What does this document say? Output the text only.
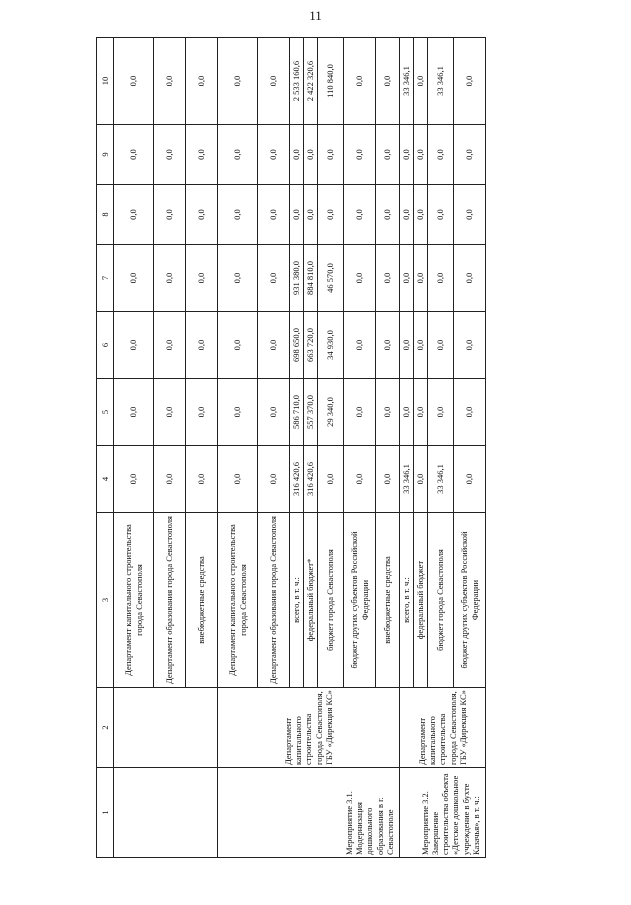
11
1	2	3	4	5	6	7	8	9	10
		Департамент капитального строительства города Севастополя	0,0	0,0	0,0	0,0	0,0	0,0	0,0
		Департамент образования города Севастополя	0,0	0,0	0,0	0,0	0,0	0,0	0,0
		внебюджетные средства	0,0	0,0	0,0	0,0	0,0	0,0	0,0
Мероприятие 3.1. Модернизация дошкольного образования в г. Севастополе	Департамент капитального строительства города Севастополя, ГБУ «Дирекция КС»	Департамент капитального строительства города Севастополя	0,0	0,0	0,0	0,0	0,0	0,0	0,0
		Департамент образования города Севастополя	0,0	0,0	0,0	0,0	0,0	0,0	0,0
		всего, в т. ч.:	316 420,6	586 710,0	698 650,0	931 380,0	0,0	0,0	2 533 160,6
		федеральный бюджет*	316 420,6	557 370,0	663 720,0	884 810,0	0,0	0,0	2 422 320,6
		бюджет города Севастополя	0,0	29 340,0	34 930,0	46 570,0	0,0	0,0	110 840,0
		бюджет других субъектов Российской Федерации	0,0	0,0	0,0	0,0	0,0	0,0	0,0
		внебюджетные средства	0,0	0,0	0,0	0,0	0,0	0,0	0,0
Мероприятие 3.2. Завершение строительства объекта «Детское дошкольное учреждение в бухте Казачья», в т. ч.:	Департамент капитального строительства города Севастополя, ГБУ «Дирекция КС»	всего, в т. ч.:	33 346,1	0,0	0,0	0,0	0,0	0,0	33 346,1
		федеральный бюджет	0,0	0,0	0,0	0,0	0,0	0,0	0,0
		бюджет города Севастополя	33 346,1	0,0	0,0	0,0	0,0	0,0	33 346,1
		бюджет других субъектов Российской Федерации	0,0	0,0	0,0	0,0	0,0	0,0	0,0
